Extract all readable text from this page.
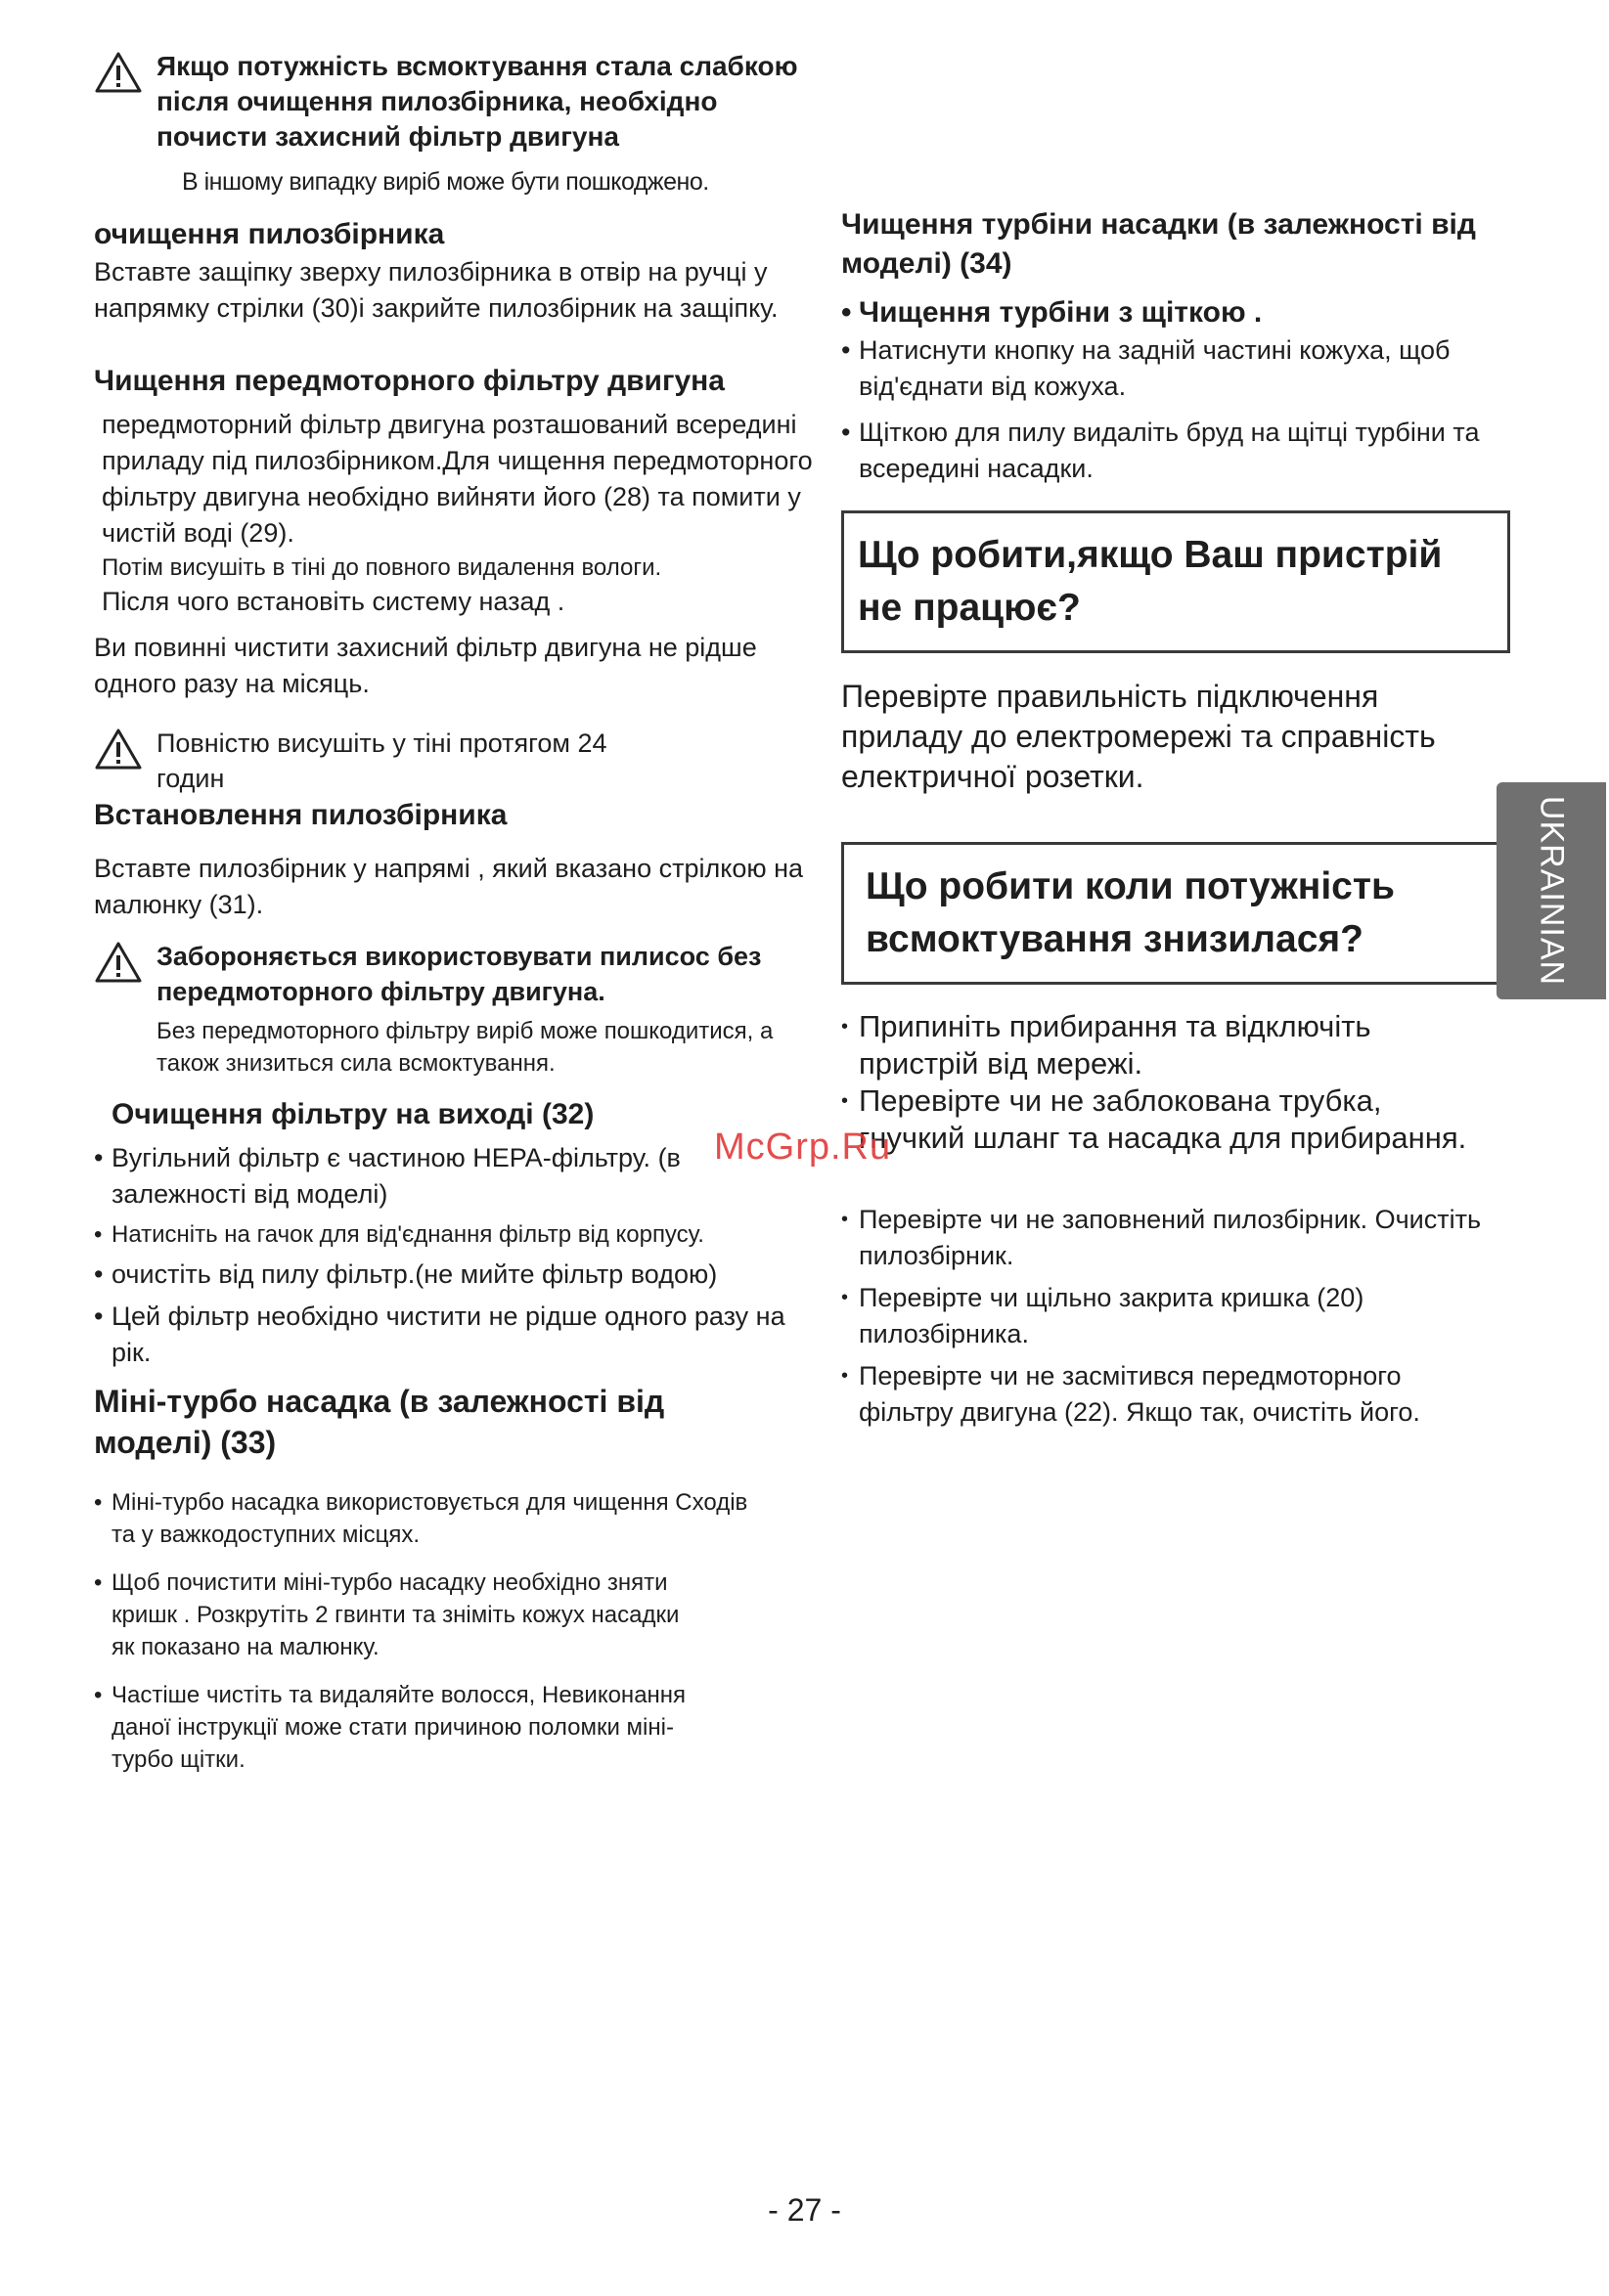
Якщо потужність всмоктування стала слабкою після очищення пилозбірника, необхідно почисти захисний фільтр двигуна
В іншому випадку виріб може бути пошкоджено.
очищення пилозбірника
Вставте защіпку зверху пилозбірника в отвір на ручці у напрямку стрілки (30)і закрийте пилозбірник на защіпку.
Чищення передмоторного фільтру двигуна
передмоторний фільтр двигуна розташований всередині приладу під пилозбірником.Для чищення передмоторного фільтру двигуна необхідно вийняти його (28) та помити у чистій воді (29).
Потім висушіть в тіні до повного видалення вологи.
Після чого встановіть систему назад .
Ви повинні чистити захисний фільтр двигуна не рідше одного разу на місяць.
Повністю висушіть у тіні протягом 24 годин
Встановлення пилозбірника
Вставте пилозбірник у напрямі , який вказано стрілкою на малюнку (31).
Забороняється використовувати пилисос без передмоторного фільтру двигуна.
Без передмоторного фільтру виріб може пошкодитися, а також знизиться сила всмоктування.
Очищення фільтру на виході (32)
• Вугільний фільтр є частиною HEPA-фільтру. (в залежності від моделі)
• Натисніть на гачок для від'єднання фільтр від корпусу.
• очистіть від пилу фільтр.(не мийте фільтр водою)
• Цей фільтр необхідно чистити не рідше одного разу на рік.
Міні-турбо насадка (в залежності від моделі) (33)
• Міні-турбо насадка використовується для чищення Сходів та у важкодоступних місцях.
• Щоб почистити міні-турбо насадку необхідно зняти кришк . Розкрутіть 2 гвинти та зніміть кожух насадки як показано на малюнку.
• Частіше чистіть та видаляйте волосся, Невиконання даної інструкції може стати причиною поломки міні-турбо щітки.
Чищення турбіни насадки (в залежності від моделі) (34)
• Чищення турбіни з щіткою .
• Натиснути кнопку на задній частині кожуха, щоб від'єднати від кожуха.
• Щіткою для пилу видаліть бруд на щітці турбіни та всередині насадки.
Що робити,якщо Ваш пристрій не працює?
Перевірте правильність підключення приладу до електромережі та справність електричної розетки.
Що робити коли потужність всмоктування знизилася?
• Припиніть прибирання та відключіть пристрій від мережі.
• Перевірте чи не заблокована трубка, гнучкий шланг та насадка для прибирання.
• Перевірте чи не заповнений пилозбірник. Очистіть пилозбірник.
• Перевірте чи щільно закрита кришка (20) пилозбірника.
• Перевірте чи не засмітився передмоторного фільтру двигуна (22). Якщо так, очистіть його.
UKRAINIAN
McGrp.Ru
- 27 -
